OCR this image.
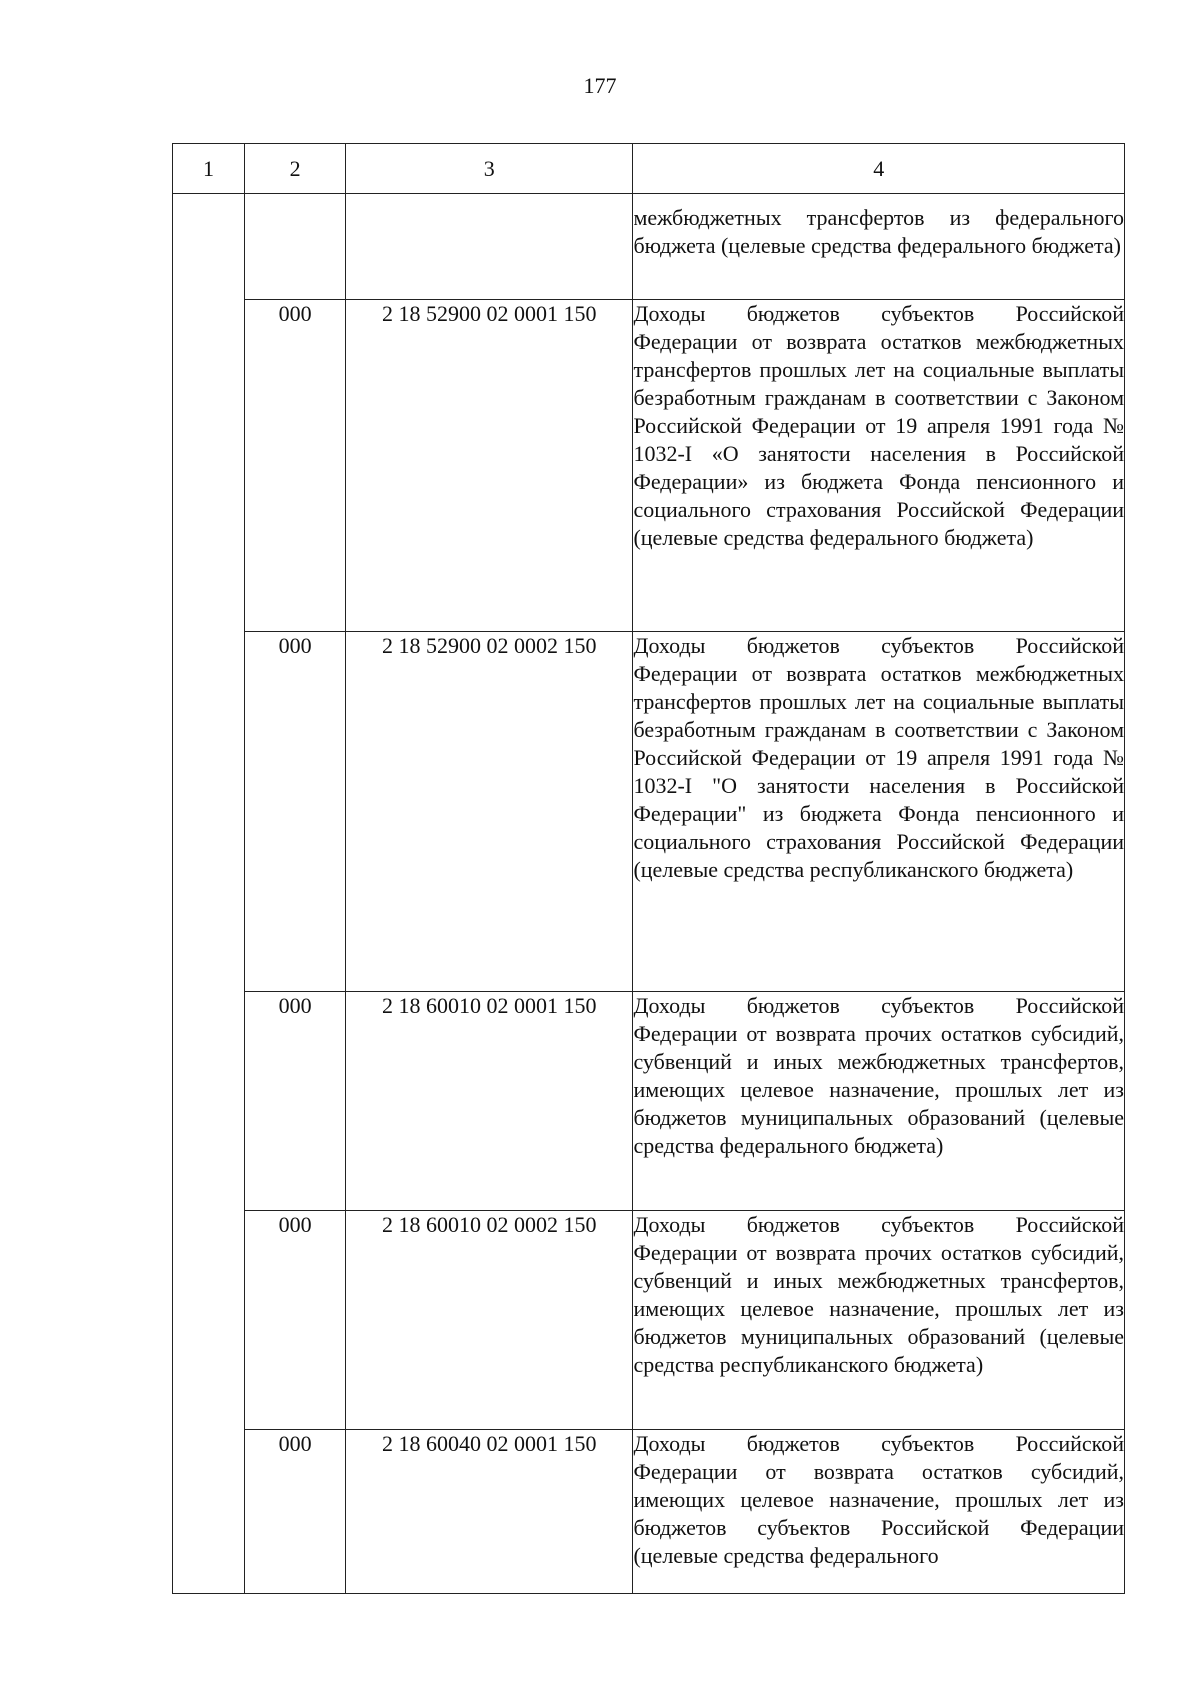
177
1	2	3	4

			межбюджетных трансфертов из федерального бюджета (целевые средства федерального бюджета)

	000	2 18 52900 02 0001 150	Доходы бюджетов субъектов Российской Федерации от возврата остатков межбюджетных трансфертов прошлых лет на социальные выплаты безработным гражданам в соответствии с Законом Российской Федерации от 19 апреля 1991 года № 1032-I «О занятости населения в Российской Федерации» из бюджета Фонда пенсионного и социального страхования Российской Федерации (целевые средства федерального бюджета)

	000	2 18 52900 02 0002 150	Доходы бюджетов субъектов Российской Федерации от возврата остатков межбюджетных трансфертов прошлых лет на социальные выплаты безработным гражданам в соответствии с Законом Российской Федерации от 19 апреля 1991 года № 1032-I "О занятости населения в Российской Федерации" из бюджета Фонда пенсионного и социального страхования Российской Федерации (целевые средства республиканского бюджета)

	000	2 18 60010 02 0001 150	Доходы бюджетов субъектов Российской Федерации от возврата прочих остатков субсидий, субвенций и иных межбюджетных трансфертов, имеющих целевое назначение, прошлых лет из бюджетов муниципальных образований (целевые средства федерального бюджета)

	000	2 18 60010 02 0002 150	Доходы бюджетов субъектов Российской Федерации от возврата прочих остатков субсидий, субвенций и иных межбюджетных трансфертов, имеющих целевое назначение, прошлых лет из бюджетов муниципальных образований (целевые средства республиканского бюджета)

	000	2 18 60040 02 0001 150	Доходы бюджетов субъектов Российской Федерации от возврата остатков субсидий, имеющих целевое назначение, прошлых лет из бюджетов субъектов Российской Федерации (целевые средства федерального
